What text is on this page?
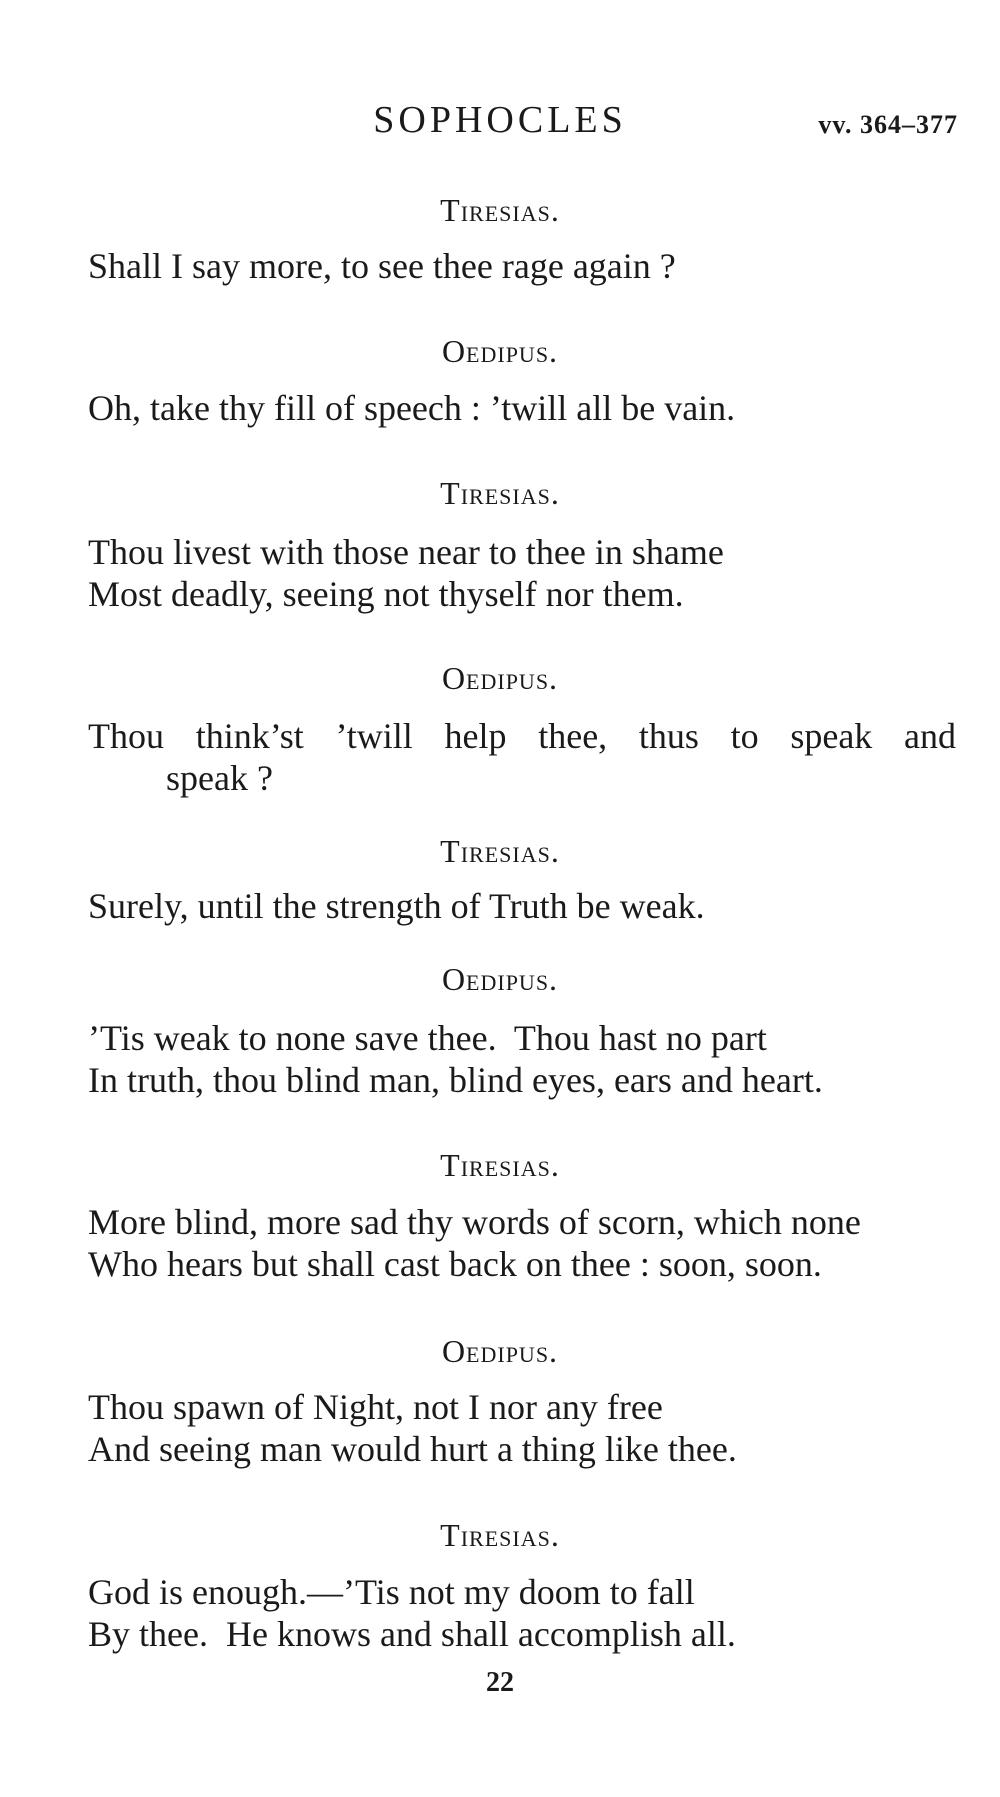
SOPHOCLES	vv. 364–377
Tiresias.
Shall I say more, to see thee rage again ?
Oedipus.
Oh, take thy fill of speech : ’twill all be vain.
Tiresias.
Thou livest with those near to thee in shame
Most deadly, seeing not thyself nor them.
Oedipus.
Thou think’st ’twill help thee, thus to speak and
speak ?
Tiresias.
Surely, until the strength of Truth be weak.
Oedipus.
’Tis weak to none save thee.  Thou hast no part
In truth, thou blind man, blind eyes, ears and heart.
Tiresias.
More blind, more sad thy words of scorn, which none
Who hears but shall cast back on thee : soon, soon.
Oedipus.
Thou spawn of Night, not I nor any free
And seeing man would hurt a thing like thee.
Tiresias.
God is enough.—’Tis not my doom to fall
By thee.  He knows and shall accomplish all.
22
